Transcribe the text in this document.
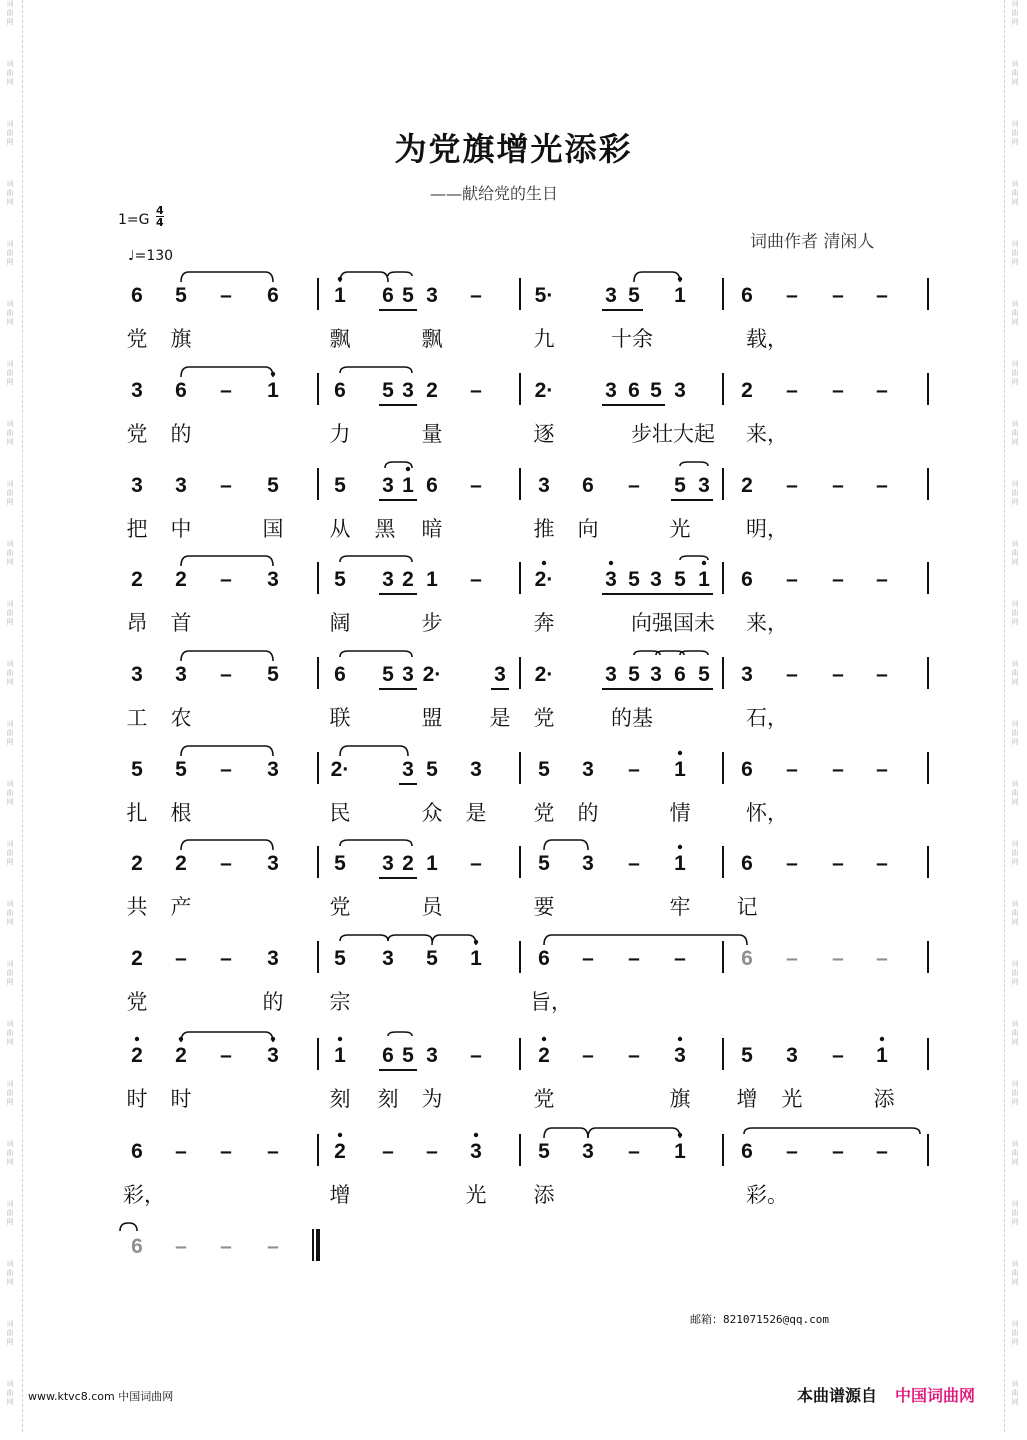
词
曲
网
词
曲
网
词
曲
网
词
曲
网
词
曲
网
词
曲
网
词
曲
网
词
曲
网
词
曲
网
词
曲
网
词
曲
网
词
曲
网
词
曲
网
词
曲
网
词
曲
网
词
曲
网
词
曲
网
词
曲
网
词
曲
网
词
曲
网
词
曲
网
词
曲
网
词
曲
网
词
曲
网
词
曲
网
词
曲
网
词
曲
网
词
曲
网
词
曲
网
词
曲
网
词
曲
网
词
曲
网
词
曲
网
词
曲
网
词
曲
网
词
曲
网
词
曲
网
词
曲
网
词
曲
网
词
曲
网
词
曲
网
词
曲
网
词
曲
网
词
曲
网
词
曲
网
词
曲
网
词
曲
网
词
曲
网
为党旗增光添彩
——献给党的生日
1=G
4
4
♩=130
词曲作者 清闲人
6 5 – 6	1 6 5 3 –	5· 3 5 1	6 – – –
党 旗	飘	飘	九	十余	载，
3 6 – 1	6 5 3 2 –	2· 3 6 5 3	2 – – –
党 的	力	量	逐	步壮大起 来，
3 3 – 5	5 3 1 6 –	3 6 – 5 3 2 – – –
把 中	国 从 黑 暗	推 向	光	明，
2 2 – 3	5 3 2 1 –	2· 3 5 3 5 1 6 – – –
昂 首	阔	步	奔	向强国未 来，
3 3 – 5	6 5 3 2·	3 2· 3 5 3 6 5 3 – – –
工 农	联	盟 是 党	的基	石，
5 5 – 3 2·	3 5 3	5 3 – 1	6 – – –
扎 根	民	众 是 党 的	情	怀，
2 2 – 3	5 3 2 1 –	5 3 – 1	6 – – –
共 产	党	员	要	牢 记
2 – – 3	5 3 5 1	6 – – –	6 – – –
党	的 宗	旨，
2 2 – 3	1 6 5 3 –	2 – – 3	5 3 – 1
时 时	刻 刻 为	党	旗 增 光	添
6 – – –	2 – – 3	5 3 – 1	6 – – –
彩，	增	光 添	彩。
6 – – –
邮箱：821071526@qq.com
www.ktvc8.com 中国词曲网	本曲谱源自 中国词曲网
